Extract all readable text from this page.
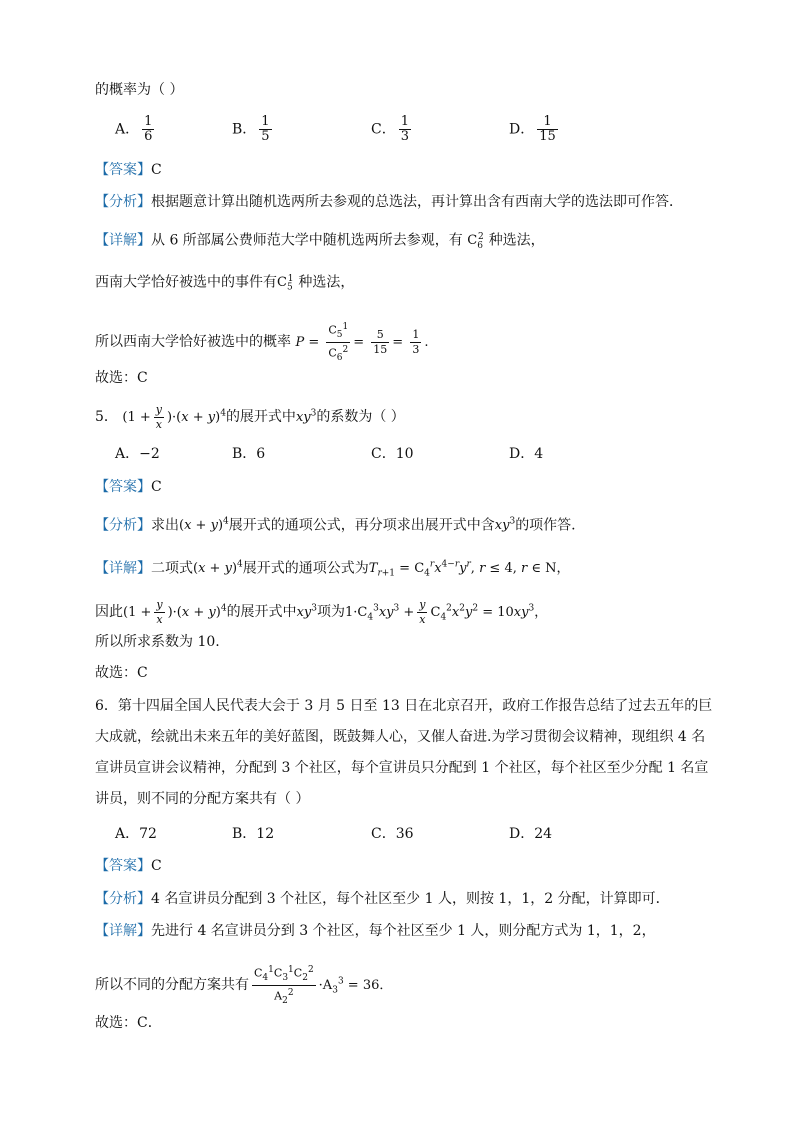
的概率为（ ）
A． $\frac{1}{6}$	B． $\frac{1}{5}$	C． $\frac{1}{3}$	D． $\frac{1}{15}$
【答案】C
【分析】根据题意计算出随机选两所去参观的总选法，再计算出含有西南大学的选法即可作答．
【详解】从 6 所部属公费师范大学中随机选两所去参观，有 $C_6^2$ 种选法，
西南大学恰好被选中的事件有$C_5^1$ 种选法，
所以西南大学恰好被选中的概率 $P = \frac{C_5^1}{C_6^2} = \frac{5}{15} = \frac{1}{3}$ .
故选：C
5． $(1 + \frac{y}{x} )\cdot(x + y)^4$的展开式中$xy^3$的系数为（ ）
A．−2	B．6	C．10	D．4
【答案】C
【分析】求出$(x + y)^4$展开式的通项公式，再分项求出展开式中含$xy^3$的项作答.
【详解】二项式$(x + y)^4$展开式的通项公式为$T_{r+1} = C_4^rx^{4-r}y^r$, r ≤ 4, r ∈ N，
因此$(1 + \frac{y}{x} )\cdot(x + y)^4$的展开式中$xy^3$项为$1\cdot C_4^3xy^3 + \frac{y}{x} C_4^2x^2y^2 = 10xy^3$，
所以所求系数为 10.
故选：C
6．第十四届全国人民代表大会于 3 月 5 日至 13 日在北京召开，政府工作报告总结了过去五年的巨
大成就，绘就出未来五年的美好蓝图，既鼓舞人心，又催人奋进.为学习贯彻会议精神，现组织 4 名
宣讲员宣讲会议精神，分配到 3 个社区，每个宣讲员只分配到 1 个社区，每个社区至少分配 1 名宣
讲员，则不同的分配方案共有（ ）
A．72	B．12	C．36	D．24
【答案】C
【分析】4 名宣讲员分配到 3 个社区，每个社区至少 1 人，则按 1，1，2 分配，计算即可．
【详解】先进行 4 名宣讲员分到 3 个社区，每个社区至少 1 人，则分配方式为 1，1，2，
所以不同的分配方案共有 $\frac{C_4^1C_3^1C_2^2}{A_2^2} \cdot A_3^3 = 36$．
故选：C．
